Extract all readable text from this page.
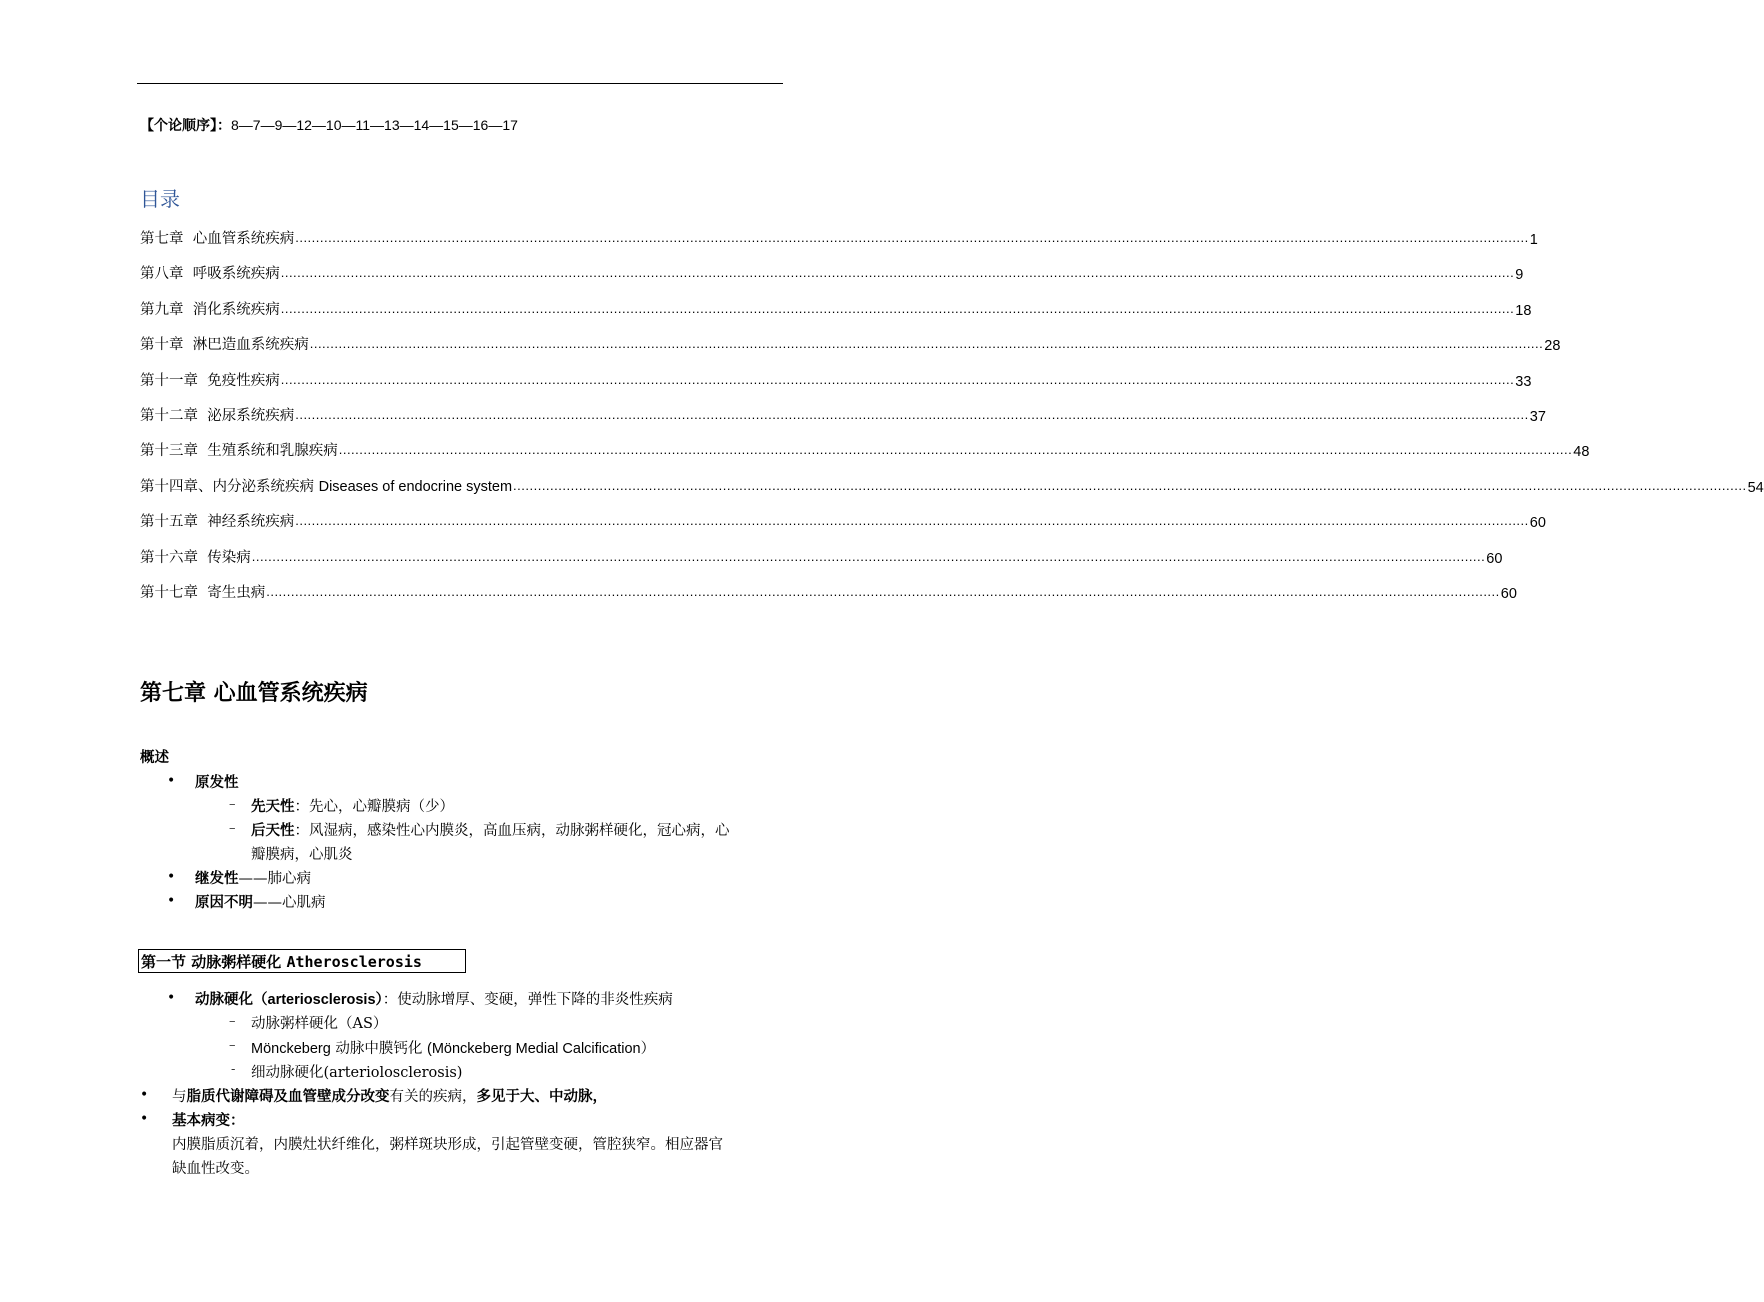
【个论顺序】：8—7—9—12—10—11—13—14—15—16—17
目录
第七章 心血管系统疾病 ............................................................................................................................................................................................................................................................................................................ 1
第八章 呼吸系统疾病 ............................................................................................................................................................................................................................................................................................................ 9
第九章 消化系统疾病 ............................................................................................................................................................................................................................................................................................................ 18
第十章 淋巴造血系统疾病 ............................................................................................................................................................................................................................................................................................................ 28
第十一章 免疫性疾病 ............................................................................................................................................................................................................................................................................................................ 33
第十二章 泌尿系统疾病 ............................................................................................................................................................................................................................................................................................................ 37
第十三章 生殖系统和乳腺疾病 ............................................................................................................................................................................................................................................................................................................ 48
第十四章、内分泌系统疾病 Diseases of endocrine system ............................................................................................................................................................................................................................................................................................................ 54
第十五章 神经系统疾病 ............................................................................................................................................................................................................................................................................................................ 60
第十六章 传染病 ............................................................................................................................................................................................................................................................................................................ 60
第十七章 寄生虫病 ............................................................................................................................................................................................................................................................................................................ 60
第七章 心血管系统疾病
概述
• 原发性
– 先天性：先心，心瓣膜病（少）
– 后天性：风湿病，感染性心内膜炎，高血压病，动脉粥样硬化，冠心病，心
瓣膜病，心肌炎
• 继发性——肺心病
• 原因不明——心肌病
第一节 动脉粥样硬化 Atherosclerosis
• 动脉硬化（arteriosclerosis）：使动脉增厚、变硬，弹性下降的非炎性疾病
– 动脉粥样硬化（AS）
– Mönckeberg 动脉中膜钙化 (Mönckeberg Medial Calcification）
- 细动脉硬化(arteriolosclerosis)
• 与脂质代谢障碍及血管壁成分改变有关的疾病，多见于大、中动脉，
• 基本病变：
内膜脂质沉着，内膜灶状纤维化，粥样斑块形成，引起管壁变硬，管腔狭窄。相应器官
缺血性改变。
